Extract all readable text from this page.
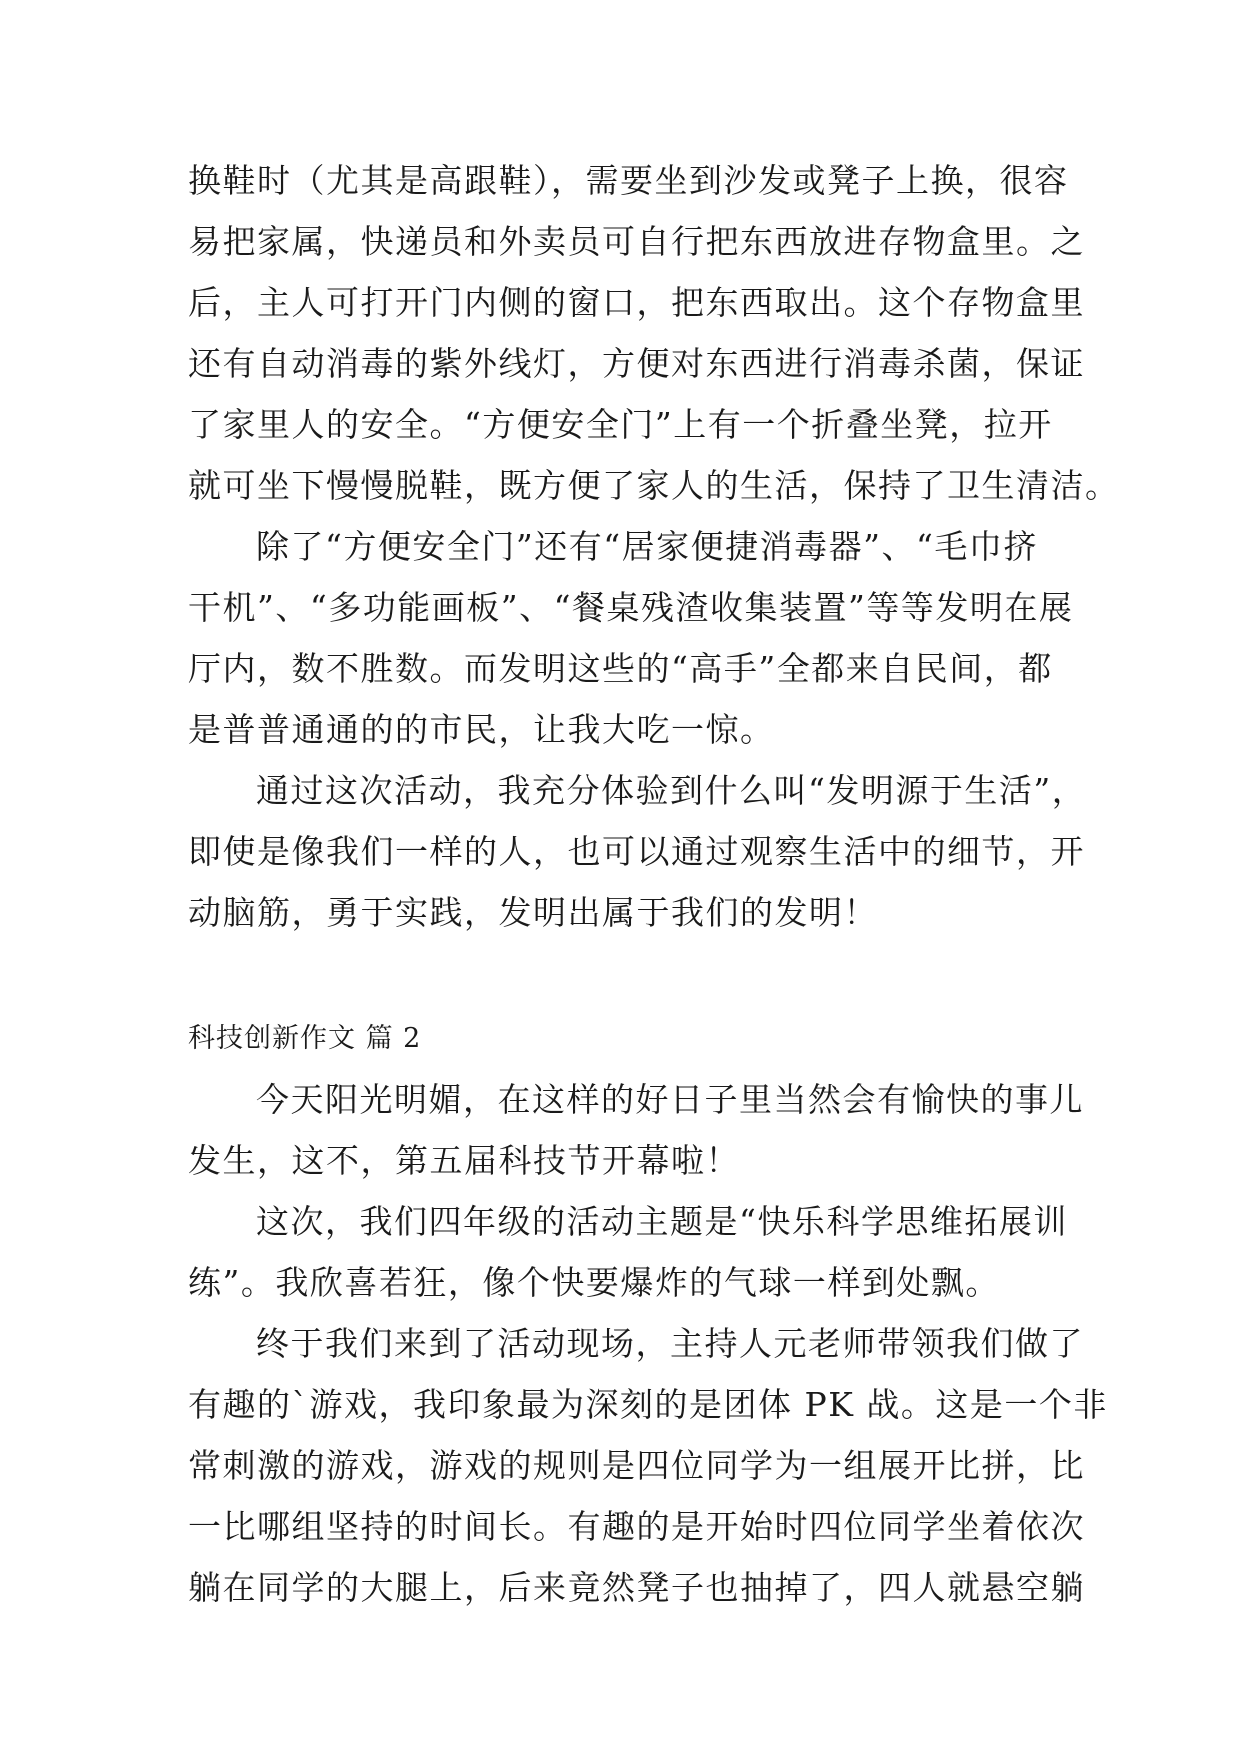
换鞋时（尤其是高跟鞋），需要坐到沙发或凳子上换，很容
易把家属，快递员和外卖员可自行把东西放进存物盒里。之
后，主人可打开门内侧的窗口，把东西取出。这个存物盒里
还有自动消毒的紫外线灯，方便对东西进行消毒杀菌，保证
了家里人的安全。“方便安全门”上有一个折叠坐凳，拉开
就可坐下慢慢脱鞋，既方便了家人的生活，保持了卫生清洁。
除了“方便安全门”还有“居家便捷消毒器”、“毛巾挤
干机”、“多功能画板”、“餐桌残渣收集装置”等等发明在展
厅内，数不胜数。而发明这些的“高手”全都来自民间，都
是普普通通的的市民，让我大吃一惊。
通过这次活动，我充分体验到什么叫“发明源于生活”，
即使是像我们一样的人，也可以通过观察生活中的细节，开
动脑筋，勇于实践，发明出属于我们的发明！
科技创新作文 篇 2
今天阳光明媚，在这样的好日子里当然会有愉快的事儿
发生，这不，第五届科技节开幕啦！
这次，我们四年级的活动主题是“快乐科学思维拓展训
练”。我欣喜若狂，像个快要爆炸的气球一样到处飘。
终于我们来到了活动现场，主持人元老师带领我们做了
有趣的`游戏，我印象最为深刻的是团体 PK 战。这是一个非
常刺激的游戏，游戏的规则是四位同学为一组展开比拼，比
一比哪组坚持的时间长。有趣的是开始时四位同学坐着依次
躺在同学的大腿上，后来竟然凳子也抽掉了，四人就悬空躺
